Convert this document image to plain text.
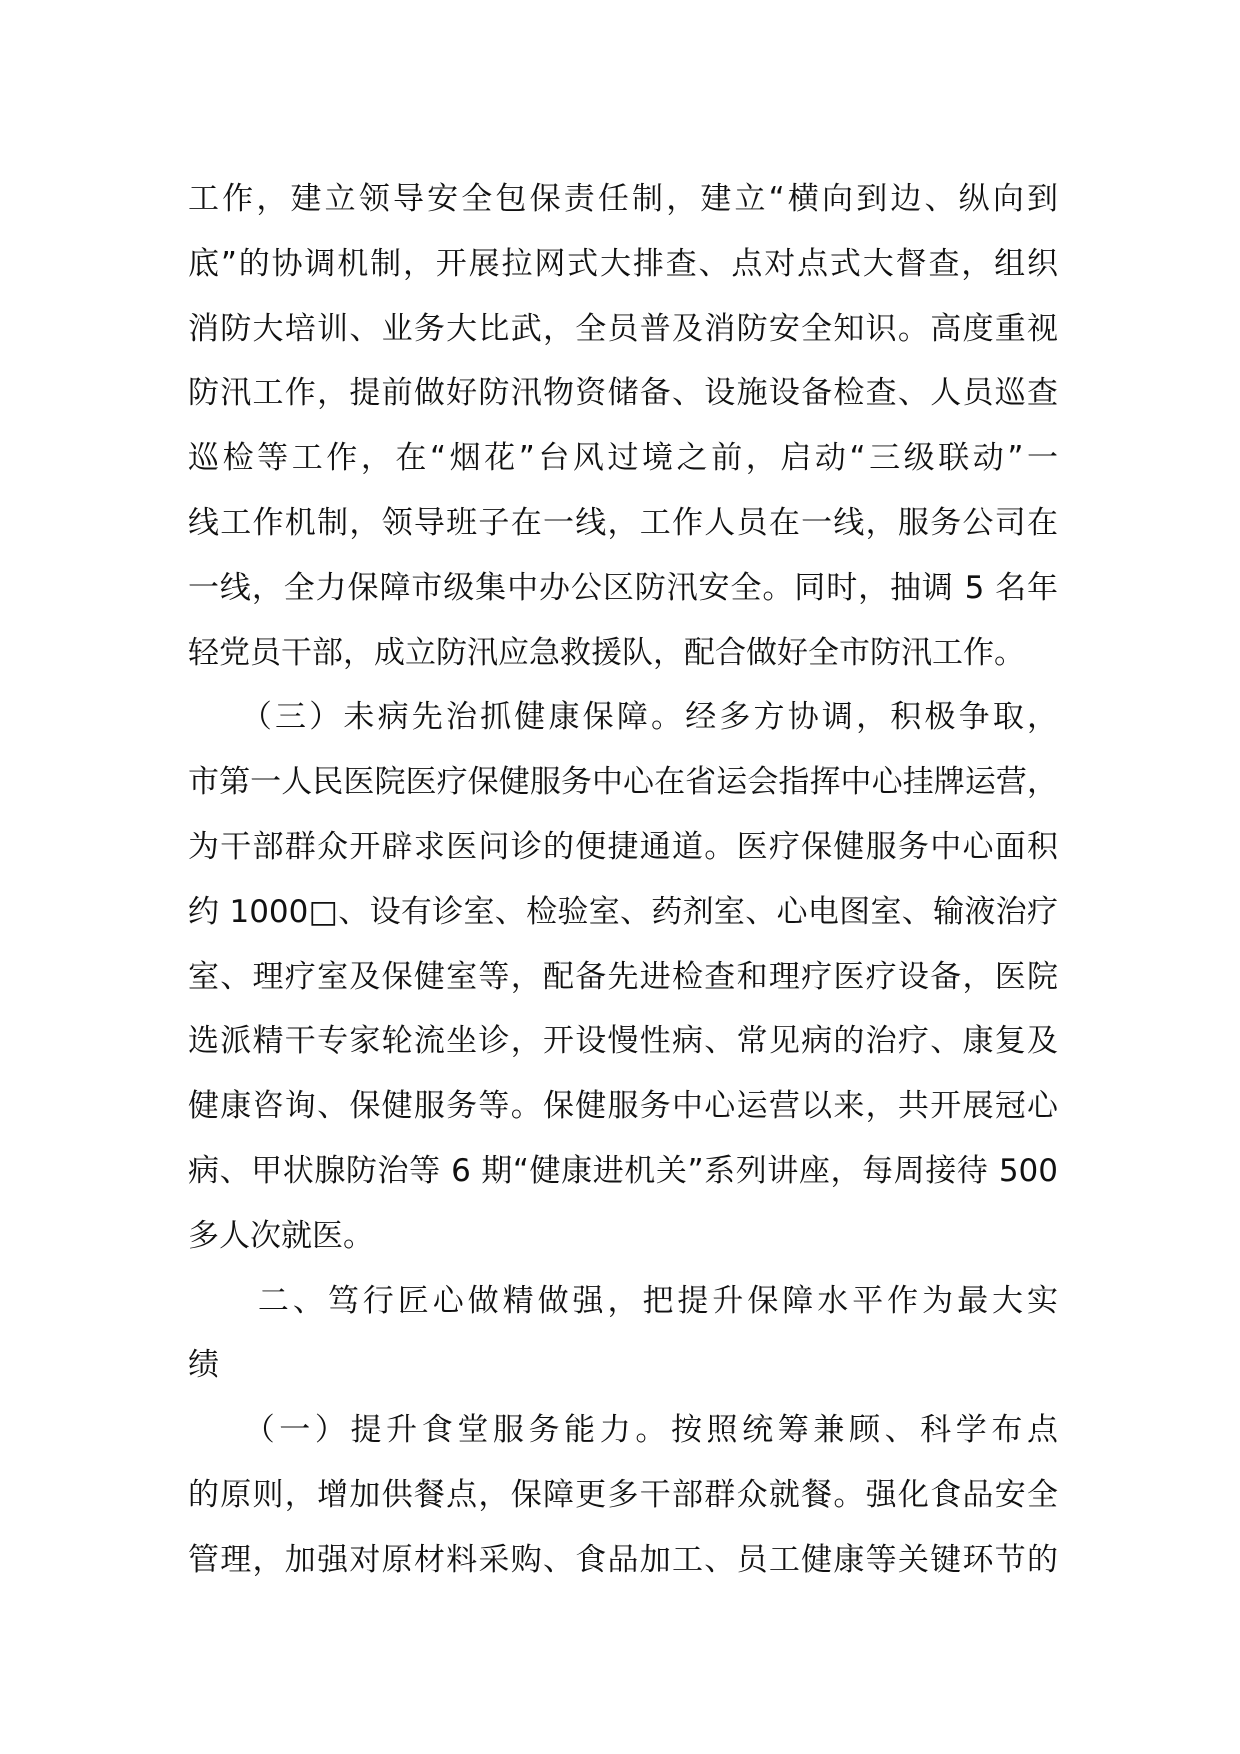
工作，建立领导安全包保责任制，建立“横向到边、纵向到
底”的协调机制，开展拉网式大排查、点对点式大督查，组织
消防大培训、业务大比武，全员普及消防安全知识。高度重视
防汛工作，提前做好防汛物资储备、设施设备检查、人员巡查
巡检等工作，在“烟花”台风过境之前，启动“三级联动”一
线工作机制，领导班子在一线，工作人员在一线，服务公司在
一线，全力保障市级集中办公区防汛安全。同时，抽调 5 名年
轻党员干部，成立防汛应急救援队，配合做好全市防汛工作。
　　（三）未病先治抓健康保障。经多方协调，积极争取，
市第一人民医院医疗保健服务中心在省运会指挥中心挂牌运营，
为干部群众开辟求医问诊的便捷通道。医疗保健服务中心面积
约 1000□、设有诊室、检验室、药剂室、心电图室、输液治疗
室、理疗室及保健室等，配备先进检查和理疗医疗设备，医院
选派精干专家轮流坐诊，开设慢性病、常见病的治疗、康复及
健康咨询、保健服务等。保健服务中心运营以来，共开展冠心
病、甲状腺防治等 6 期“健康进机关”系列讲座，每周接待 500
多人次就医。
　　二、笃行匠心做精做强，把提升保障水平作为最大实
绩
　　（一）提升食堂服务能力。按照统筹兼顾、科学布点
的原则，增加供餐点，保障更多干部群众就餐。强化食品安全
管理，加强对原材料采购、食品加工、员工健康等关键环节的
